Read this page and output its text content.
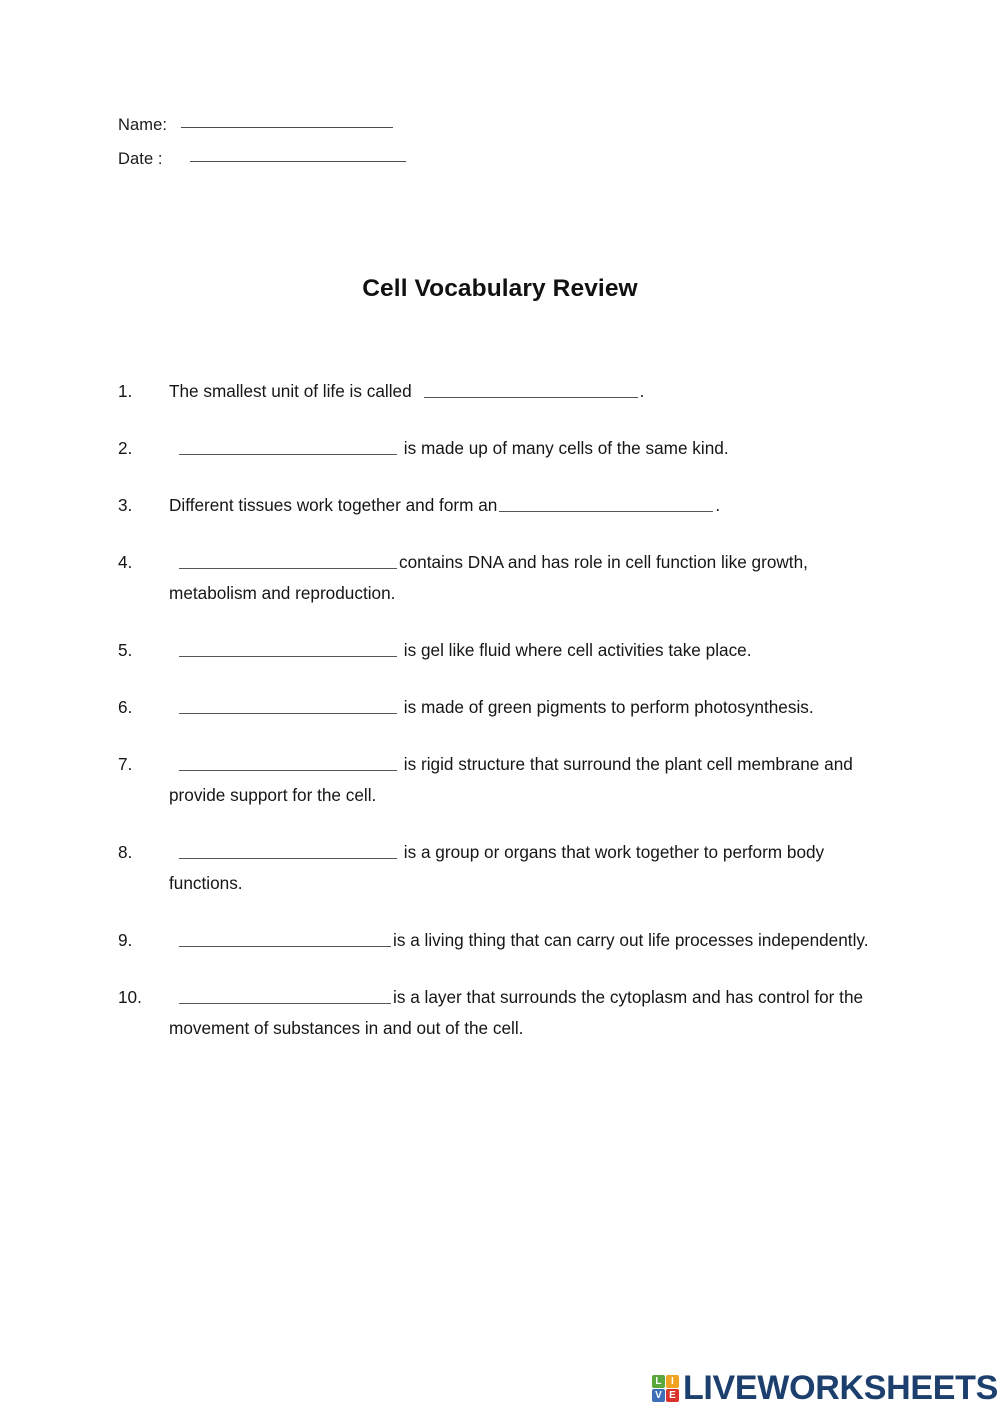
Name:
Date :
Cell Vocabulary Review
1.	The smallest unit of life is called	.
2.	is made up of many cells of the same kind.
3.	Different tissues work together and form an	.
4.	contains DNA and has role in cell function like growth, metabolism and reproduction.
5.	is gel like fluid where cell activities take place.
6.	is made of green pigments to perform photosynthesis.
7.	is rigid structure that surround the plant cell membrane and provide support for the cell.
8.	is a group or organs that work together to perform body functions.
9.	is a living thing that can carry out life processes independently.
10.	is a layer that surrounds the cytoplasm and has control for the movement of substances in and out of the cell.
L I
V E LIVEWORKSHEETS
